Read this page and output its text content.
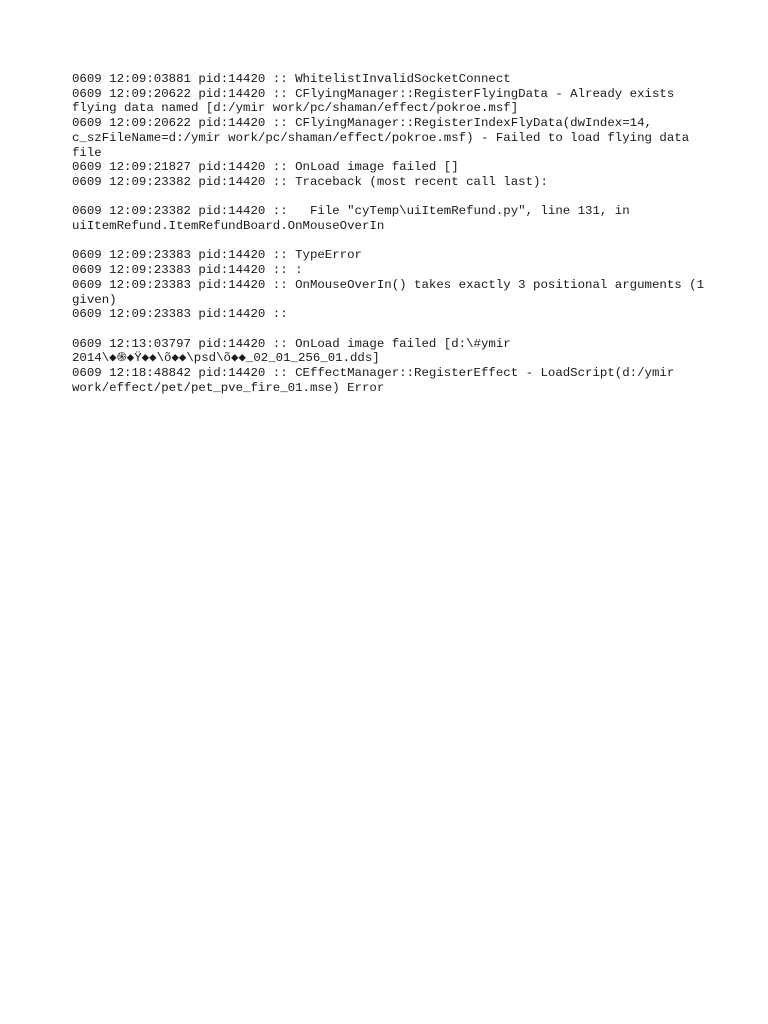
0609 12:09:03881 pid:14420 :: WhitelistInvalidSocketConnect
0609 12:09:20622 pid:14420 :: CFlyingManager::RegisterFlyingData - Already exists flying data named [d:/ymir work/pc/shaman/effect/pokroe.msf]
0609 12:09:20622 pid:14420 :: CFlyingManager::RegisterIndexFlyData(dwIndex=14, c_szFileName=d:/ymir work/pc/shaman/effect/pokroe.msf) - Failed to load flying data file
0609 12:09:21827 pid:14420 :: OnLoad image failed []
0609 12:09:23382 pid:14420 :: Traceback (most recent call last):
0609 12:09:23382 pid:14420 ::   File "cyTemp\uiItemRefund.py", line 131, in uiItemRefund.ItemRefundBoard.OnMouseOverIn
0609 12:09:23383 pid:14420 :: TypeError
0609 12:09:23383 pid:14420 :: :
0609 12:09:23383 pid:14420 :: OnMouseOverIn() takes exactly 3 positional arguments (1 given)
0609 12:09:23383 pid:14420 ::
0609 12:13:03797 pid:14420 :: OnLoad image failed [d:\#ymir 2014\◆֍◆Ÿ◆◆\õ◆◆\psd\õ◆◆_02_01_256_01.dds]
0609 12:18:48842 pid:14420 :: CEffectManager::RegisterEffect - LoadScript(d:/ymir work/effect/pet/pet_pve_fire_01.mse) Error
